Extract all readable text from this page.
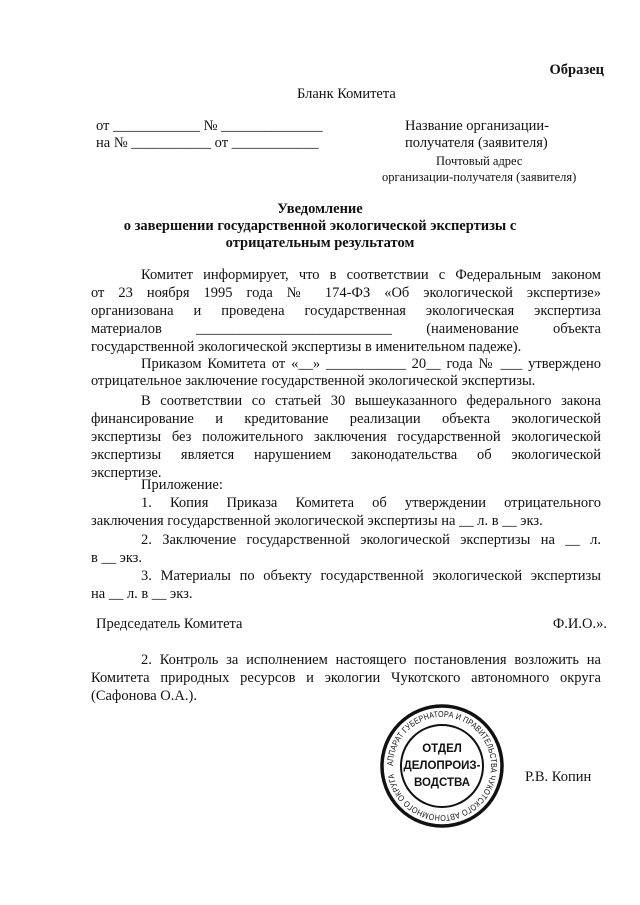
Образец
Бланк Комитета
от ____________ № ______________
на № ___________ от ____________
Название организации-
получателя (заявителя)
Почтовый адрес
организации-получателя (заявителя)
Уведомление
о завершении государственной экологической экспертизы с
отрицательным результатом
Комитет информирует, что в соответствии с Федеральным законом
от 23 ноября 1995 года № 174-ФЗ «Об экологической экспертизе»
организована и проведена государственная экологическая экспертиза
материалов ___________________________ (наименование объекта
государственной экологической экспертизы в именительном падеже).
Приказом Комитета от «__» ___________ 20__ года № ___ утверждено
отрицательное заключение государственной экологической экспертизы.
В соответствии со статьей 30 вышеуказанного федерального закона
финансирование и кредитование реализации объекта экологической
экспертизы без положительного заключения государственной экологической
экспертизы является нарушением законодательства об экологической
экспертизе.
Приложение:
1. Копия Приказа Комитета об утверждении отрицательного
заключения государственной экологической экспертизы на __ л. в __ экз.
2. Заключение государственной экологической экспертизы на __ л.
в __ экз.
3. Материалы по объекту государственной экологической экспертизы
на __ л. в __ экз.
Председатель Комитета	Ф.И.О.».
2. Контроль за исполнением настоящего постановления возложить на
Комитета природных ресурсов и экологии Чукотского автономного округа
(Сафонова О.А.).
АППАРАТ ГУБЕРНАТОРА И ПРАВИТЕЛЬСТВА ЧУКОТСКОГО АВТОНОМНОГО ОКРУГА
ОТДЕЛ
ДЕЛОПРОИЗ-
ВОДСТВА	Р.В. Копин
